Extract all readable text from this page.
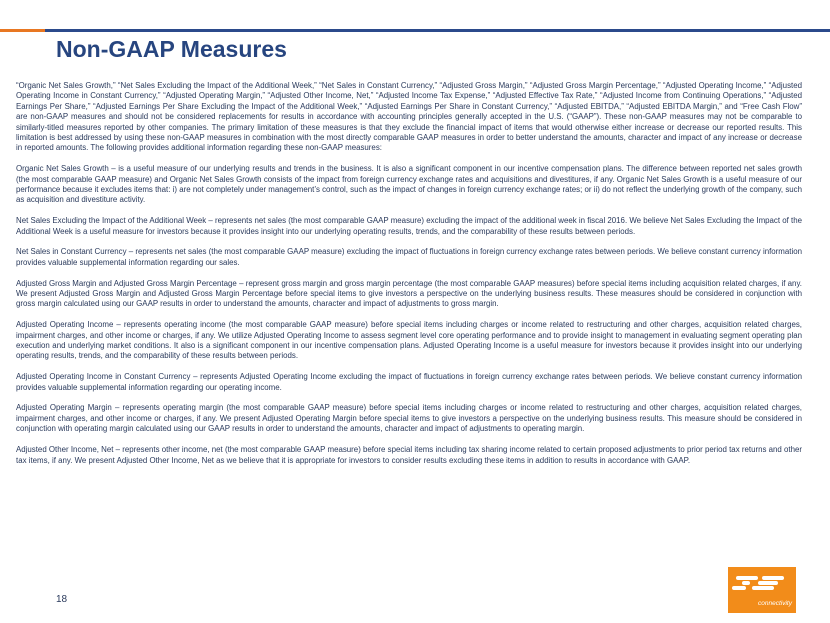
Non-GAAP Measures

“Organic Net Sales Growth,” “Net Sales Excluding the Impact of the Additional Week,” “Net Sales in Constant Currency,” “Adjusted Gross Margin,” “Adjusted Gross Margin Percentage,” “Adjusted Operating Income,” “Adjusted Operating Income in Constant Currency,” “Adjusted Operating Margin,” “Adjusted Other Income, Net,” “Adjusted Income Tax Expense,” “Adjusted Effective Tax Rate,” “Adjusted Income from Continuing Operations,” “Adjusted Earnings Per Share,” “Adjusted Earnings Per Share Excluding the Impact of the Additional Week,” “Adjusted Earnings Per Share in Constant Currency,” “Adjusted EBITDA,” “Adjusted EBITDA Margin,” and “Free Cash Flow” are non-GAAP measures and should not be considered replacements for results in accordance with accounting principles generally accepted in the U.S. (“GAAP”). These non-GAAP measures may not be comparable to similarly-titled measures reported by other companies. The primary limitation of these measures is that they exclude the financial impact of items that would otherwise either increase or decrease our reported results. This limitation is best addressed by using these non-GAAP measures in combination with the most directly comparable GAAP measures in order to better understand the amounts, character and impact of any increase or decrease in reported amounts. The following provides additional information regarding these non-GAAP measures:

Organic Net Sales Growth – is a useful measure of our underlying results and trends in the business. It is also a significant component in our incentive compensation plans. The difference between reported net sales growth (the most comparable GAAP measure) and Organic Net Sales Growth consists of the impact from foreign currency exchange rates and acquisitions and divestitures, if any. Organic Net Sales Growth is a useful measure of our performance because it excludes items that: i) are not completely under management’s control, such as the impact of changes in foreign currency exchange rates; or ii) do not reflect the underlying growth of the company, such as acquisition and divestiture activity.

Net Sales Excluding the Impact of the Additional Week – represents net sales (the most comparable GAAP measure) excluding the impact of the additional week in fiscal 2016. We believe Net Sales Excluding the Impact of the Additional Week is a useful measure for investors because it provides insight into our underlying operating results, trends, and the comparability of these results between periods.

Net Sales in Constant Currency – represents net sales (the most comparable GAAP measure) excluding the impact of fluctuations in foreign currency exchange rates between periods. We believe constant currency information provides valuable supplemental information regarding our sales.

Adjusted Gross Margin and Adjusted Gross Margin Percentage – represent gross margin and gross margin percentage (the most comparable GAAP measures) before special items including acquisition related charges, if any. We present Adjusted Gross Margin and Adjusted Gross Margin Percentage before special items to give investors a perspective on the underlying business results. These measures should be considered in conjunction with gross margin calculated using our GAAP results in order to understand the amounts, character and impact of adjustments to gross margin.

Adjusted Operating Income – represents operating income (the most comparable GAAP measure) before special items including charges or income related to restructuring and other charges, acquisition related charges, impairment charges, and other income or charges, if any. We utilize Adjusted Operating Income to assess segment level core operating performance and to provide insight to management in evaluating segment operating plan execution and underlying market conditions. It also is a significant component in our incentive compensation plans. Adjusted Operating Income is a useful measure for investors because it provides insight into our underlying operating results, trends, and the comparability of these results between periods.

Adjusted Operating Income in Constant Currency – represents Adjusted Operating Income excluding the impact of fluctuations in foreign currency exchange rates between periods. We believe constant currency information provides valuable supplemental information regarding our operating income.

Adjusted Operating Margin – represents operating margin (the most comparable GAAP measure) before special items including charges or income related to restructuring and other charges, acquisition related charges, impairment charges, and other income or charges, if any. We present Adjusted Operating Margin before special items to give investors a perspective on the underlying business results. This measure should be considered in conjunction with operating margin calculated using our GAAP results in order to understand the amounts, character and impact of adjustments to operating margin.

Adjusted Other Income, Net – represents other income, net (the most comparable GAAP measure) before special items including tax sharing income related to certain proposed adjustments to prior period tax returns and other tax items, if any. We present Adjusted Other Income, Net as we believe that it is appropriate for investors to consider results excluding these items in addition to results in accordance with GAAP.

18	connectivity
